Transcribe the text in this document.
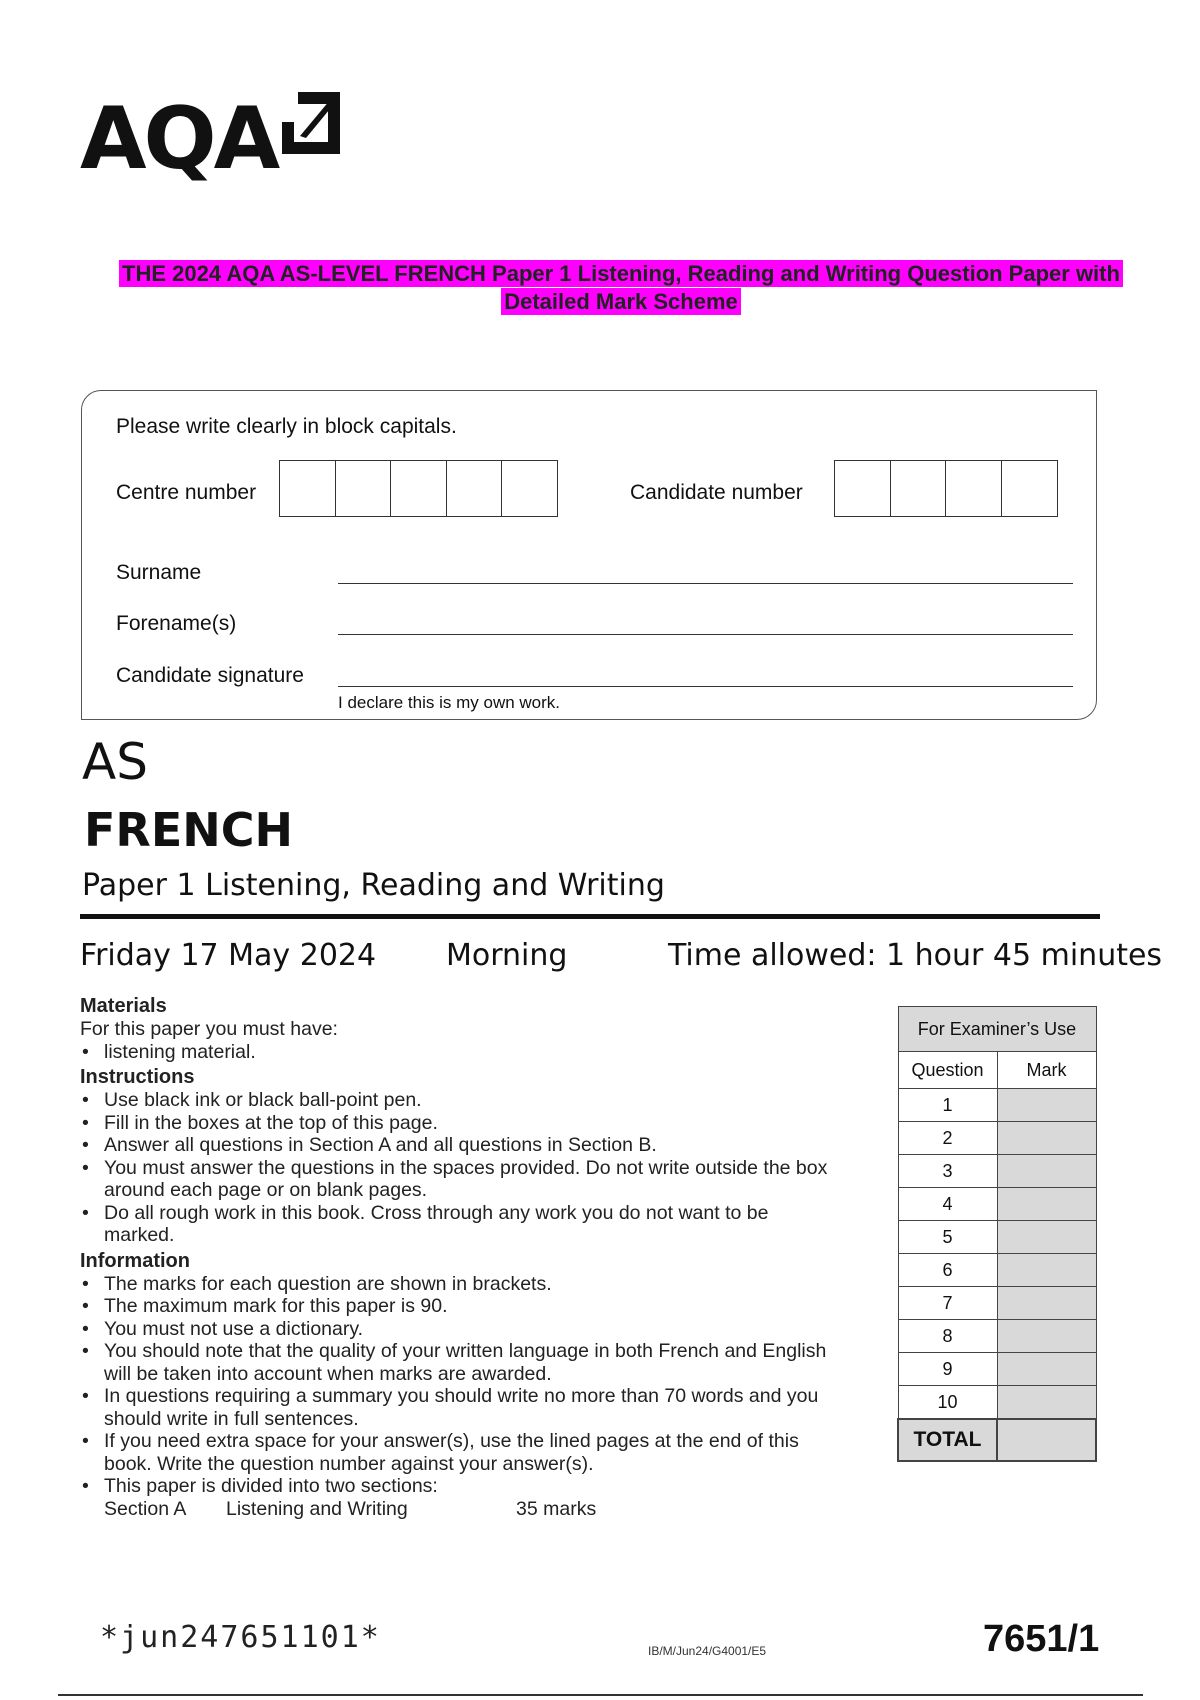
AQA
THE 2024 AQA AS-LEVEL FRENCH Paper 1 Listening, Reading and Writing Question Paper with
Detailed Mark Scheme
Please write clearly in block capitals.
Centre number	Candidate number
Surname
Forename(s)
Candidate signature
I declare this is my own work.
AS
FRENCH
Paper 1 Listening, Reading and Writing
Friday 17 May 2024 Morning	Time allowed: 1 hour 45 minutes
Materials
For this paper you must have:
• listening material.
Instructions
• Use black ink or black ball-point pen.
• Fill in the boxes at the top of this page.
• Answer all questions in Section A and all questions in Section B.
• You must answer the questions in the spaces provided. Do not write outside the box around each page or on blank pages.
• Do all rough work in this book. Cross through any work you do not want to be marked.
Information
• The marks for each question are shown in brackets.
• The maximum mark for this paper is 90.
• You must not use a dictionary.
• You should note that the quality of your written language in both French and English will be taken into account when marks are awarded.
• In questions requiring a summary you should write no more than 70 words and you should write in full sentences.
• If you need extra space for your answer(s), use the lined pages at the end of this book. Write the question number against your answer(s).
• This paper is divided into two sections:
Section A	Listening and Writing	35 marks
For Examiner’s Use	
Question	Mark
1	
2	
3	
4	
5	
6	
7	
8	
9	
10	
TOTAL	
*jun247651101*	IB/M/Jun24/G4001/E5	7651/1
